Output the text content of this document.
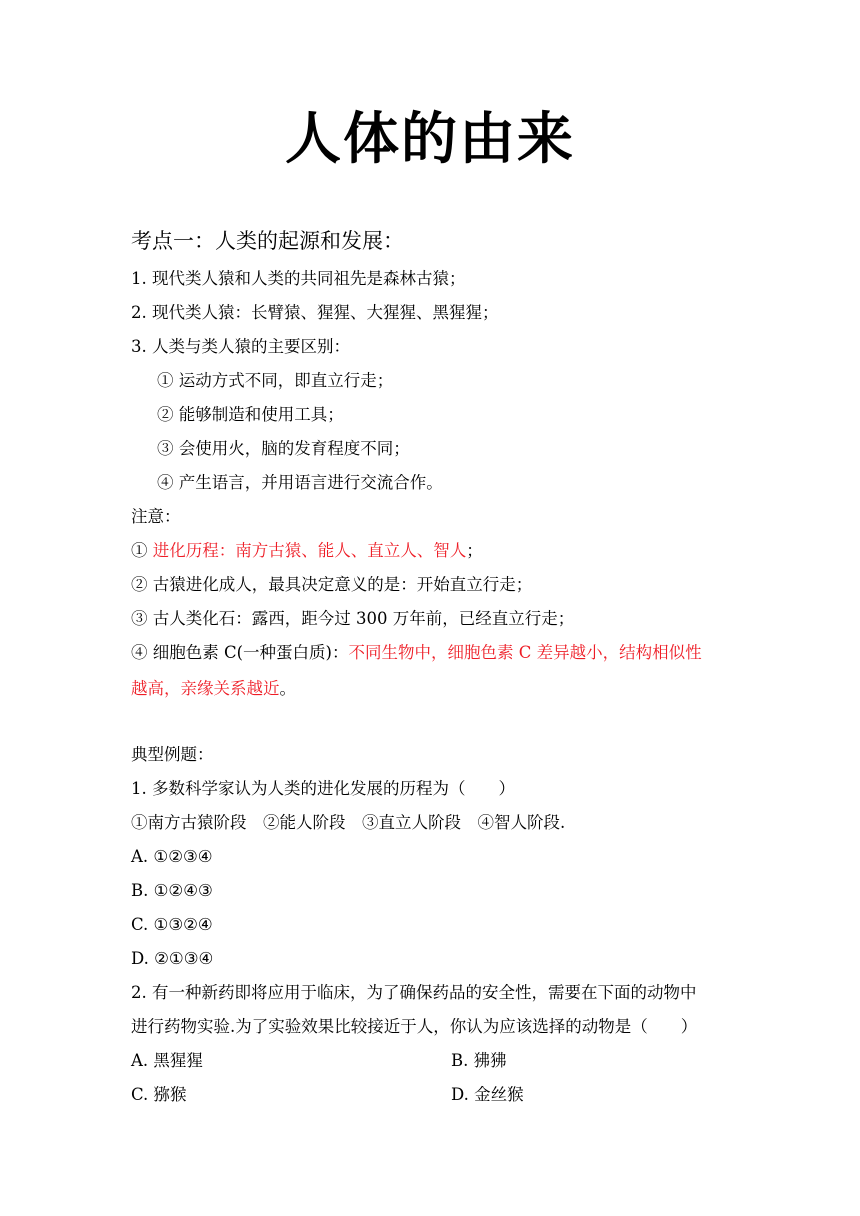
人体的由来
考点一：人类的起源和发展：
1. 现代类人猿和人类的共同祖先是森林古猿；
2. 现代类人猿：长臂猿、猩猩、大猩猩、黑猩猩；
3. 人类与类人猿的主要区别：
① 运动方式不同，即直立行走；
② 能够制造和使用工具；
③ 会使用火，脑的发育程度不同；
④ 产生语言，并用语言进行交流合作。
注意：
① 进化历程：南方古猿、能人、直立人、智人；
② 古猿进化成人，最具决定意义的是：开始直立行走；
③ 古人类化石：露西，距今过 300 万年前，已经直立行走；
④ 细胞色素 C(一种蛋白质)：不同生物中，细胞色素 C 差异越小，结构相似性
越高，亲缘关系越近。
典型例题：
1. 多数科学家认为人类的进化发展的历程为（　　）
①南方古猿阶段　②能人阶段　③直立人阶段　④智人阶段.
A. ①②③④
B. ①②④③
C. ①③②④
D. ②①③④
2. 有一种新药即将应用于临床，为了确保药品的安全性，需要在下面的动物中
进行药物实验.为了实验效果比较接近于人，你认为应该选择的动物是（　　）
A. 黑猩猩	B. 狒狒
C. 猕猴	D. 金丝猴
